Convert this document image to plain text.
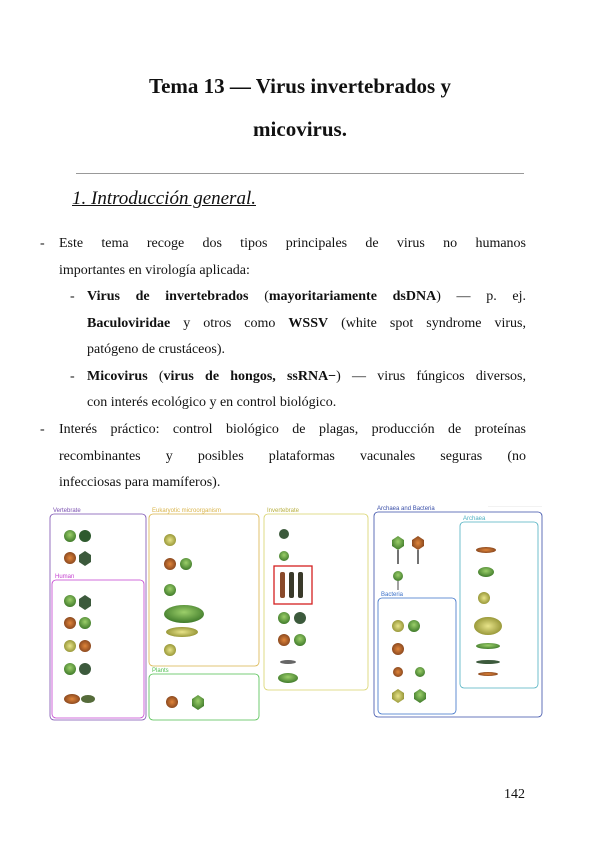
Tema 13 — Virus invertebrados y
micovirus.
1. Introducción general.
- Este tema recoge dos tipos principales de virus no humanos
importantes en virología aplicada:
- Virus de invertebrados (mayoritariamente dsDNA) — p. ej.
Baculoviridae y otros como WSSV (white spot syndrome virus,
patógeno de crustáceos).
- Micovirus (virus de hongos, ssRNA−) — virus fúngicos diversos,
con interés ecológico y en control biológico.
- Interés práctico: control biológico de plagas, producción de proteínas
recombinantes y posibles plataformas vacunales seguras (no
infecciosas para mamíferos).
Vertebrate
Human
Eukaryotic microorganism
Plants
Invertebrate	Archaea and Bacteria
Archaea
Bacteria
142
